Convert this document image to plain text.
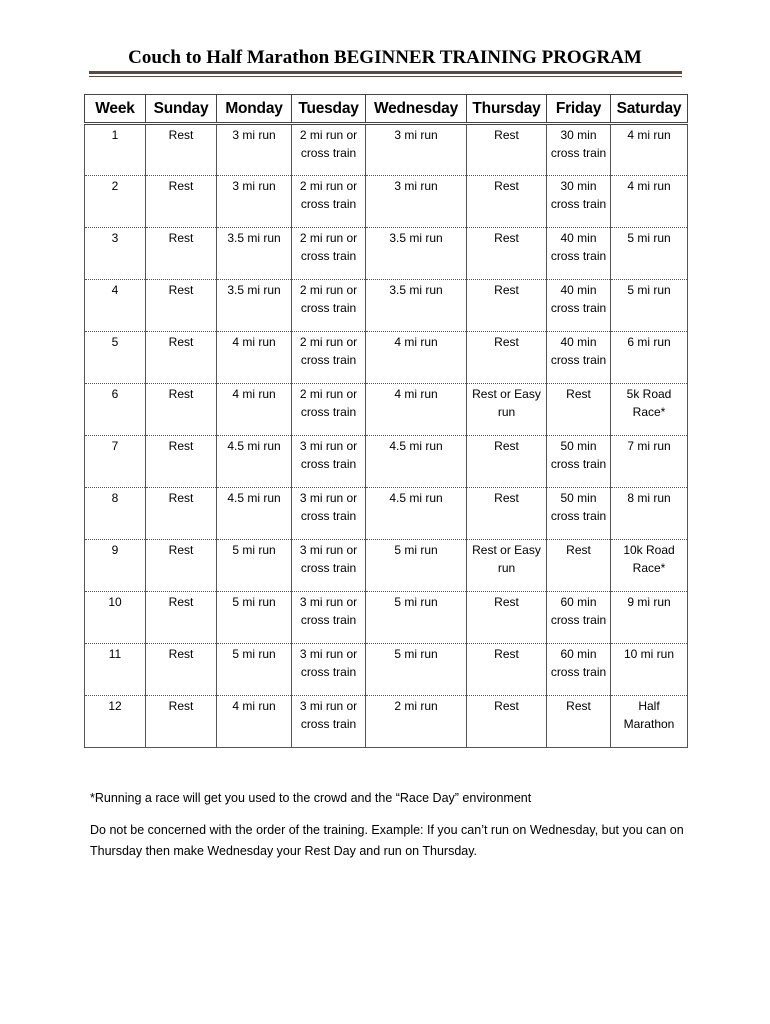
Couch to Half Marathon BEGINNER TRAINING PROGRAM
Week	Sunday	Monday	Tuesday	Wednesday	Thursday	Friday	Saturday
1	Rest	3 mi run	2 mi run or cross train	3 mi run	Rest	30 min cross train	4 mi run
2	Rest	3 mi run	2 mi run or cross train	3 mi run	Rest	30 min cross train	4 mi run
3	Rest	3.5 mi run	2 mi run or cross train	3.5 mi run	Rest	40 min cross train	5 mi run
4	Rest	3.5 mi run	2 mi run or cross train	3.5 mi run	Rest	40 min cross train	5 mi run
5	Rest	4 mi run	2 mi run or cross train	4 mi run	Rest	40 min cross train	6 mi run
6	Rest	4 mi run	2 mi run or cross train	4 mi run	Rest or Easy run	Rest	5k Road Race*
7	Rest	4.5 mi run	3 mi run or cross train	4.5 mi run	Rest	50 min cross train	7 mi run
8	Rest	4.5 mi run	3 mi run or cross train	4.5 mi run	Rest	50 min cross train	8 mi run
9	Rest	5 mi run	3 mi run or cross train	5 mi run	Rest or Easy run	Rest	10k Road Race*
10	Rest	5 mi run	3 mi run or cross train	5 mi run	Rest	60 min cross train	9 mi run
11	Rest	5 mi run	3 mi run or cross train	5 mi run	Rest	60 min cross train	10 mi run
12	Rest	4 mi run	3 mi run or cross train	2 mi run	Rest	Rest	Half Marathon

*Running a race will get you used to the crowd and the “Race Day” environment

Do not be concerned with the order of the training. Example: If you can’t run on Wednesday, but you can on Thursday then make Wednesday your Rest Day and run on Thursday.
